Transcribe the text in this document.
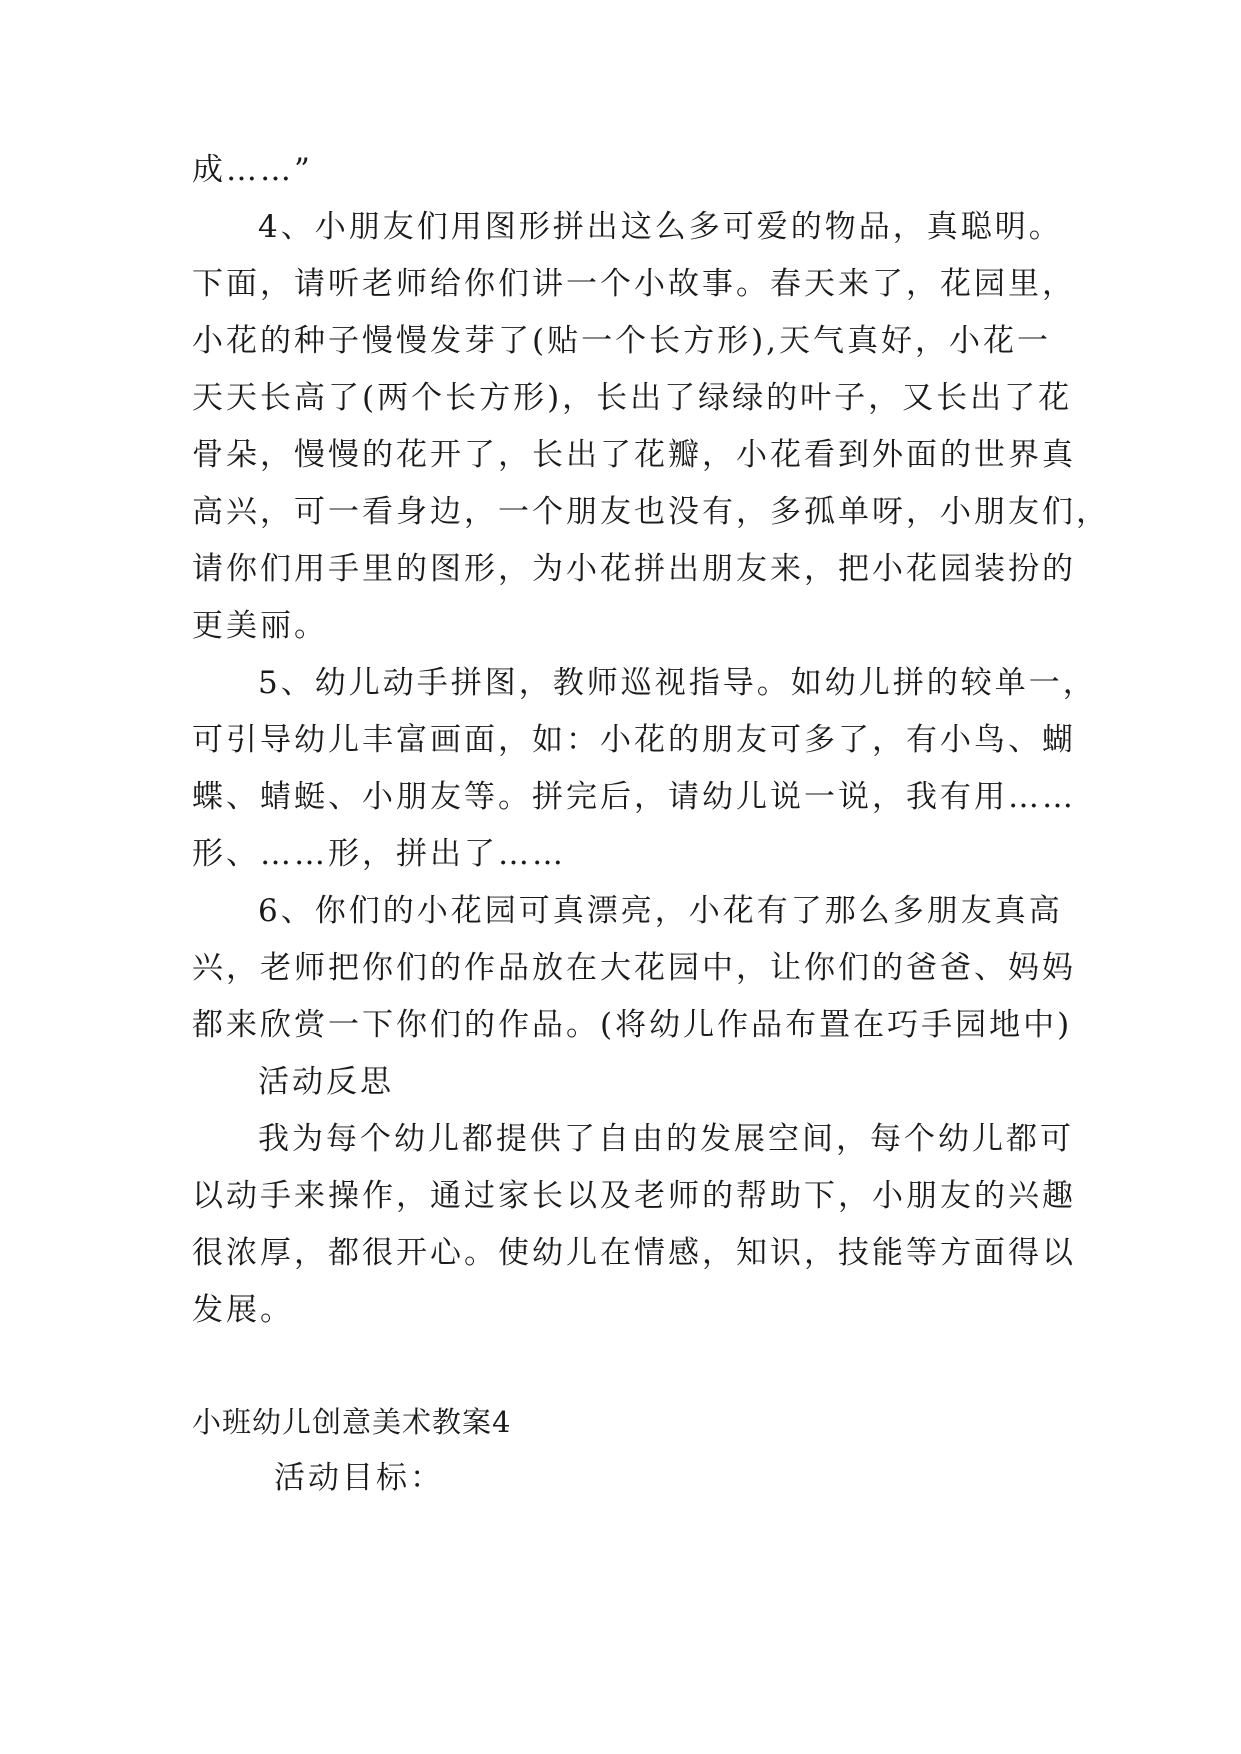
成……”
4、小朋友们用图形拼出这么多可爱的物品，真聪明。
下面，请听老师给你们讲一个小故事。春天来了，花园里，
小花的种子慢慢发芽了(贴一个长方形),天气真好，小花一
天天长高了(两个长方形)，长出了绿绿的叶子，又长出了花
骨朵，慢慢的花开了，长出了花瓣，小花看到外面的世界真
高兴，可一看身边，一个朋友也没有，多孤单呀，小朋友们，
请你们用手里的图形，为小花拼出朋友来，把小花园装扮的
更美丽。
5、幼儿动手拼图，教师巡视指导。如幼儿拼的较单一，
可引导幼儿丰富画面，如：小花的朋友可多了，有小鸟、蝴
蝶、蜻蜓、小朋友等。拼完后，请幼儿说一说，我有用……
形、……形，拼出了……
6、你们的小花园可真漂亮，小花有了那么多朋友真高
兴，老师把你们的作品放在大花园中，让你们的爸爸、妈妈
都来欣赏一下你们的作品。(将幼儿作品布置在巧手园地中)
活动反思
我为每个幼儿都提供了自由的发展空间，每个幼儿都可
以动手来操作，通过家长以及老师的帮助下，小朋友的兴趣
很浓厚，都很开心。使幼儿在情感，知识，技能等方面得以
发展。
小班幼儿创意美术教案4
活动目标：
